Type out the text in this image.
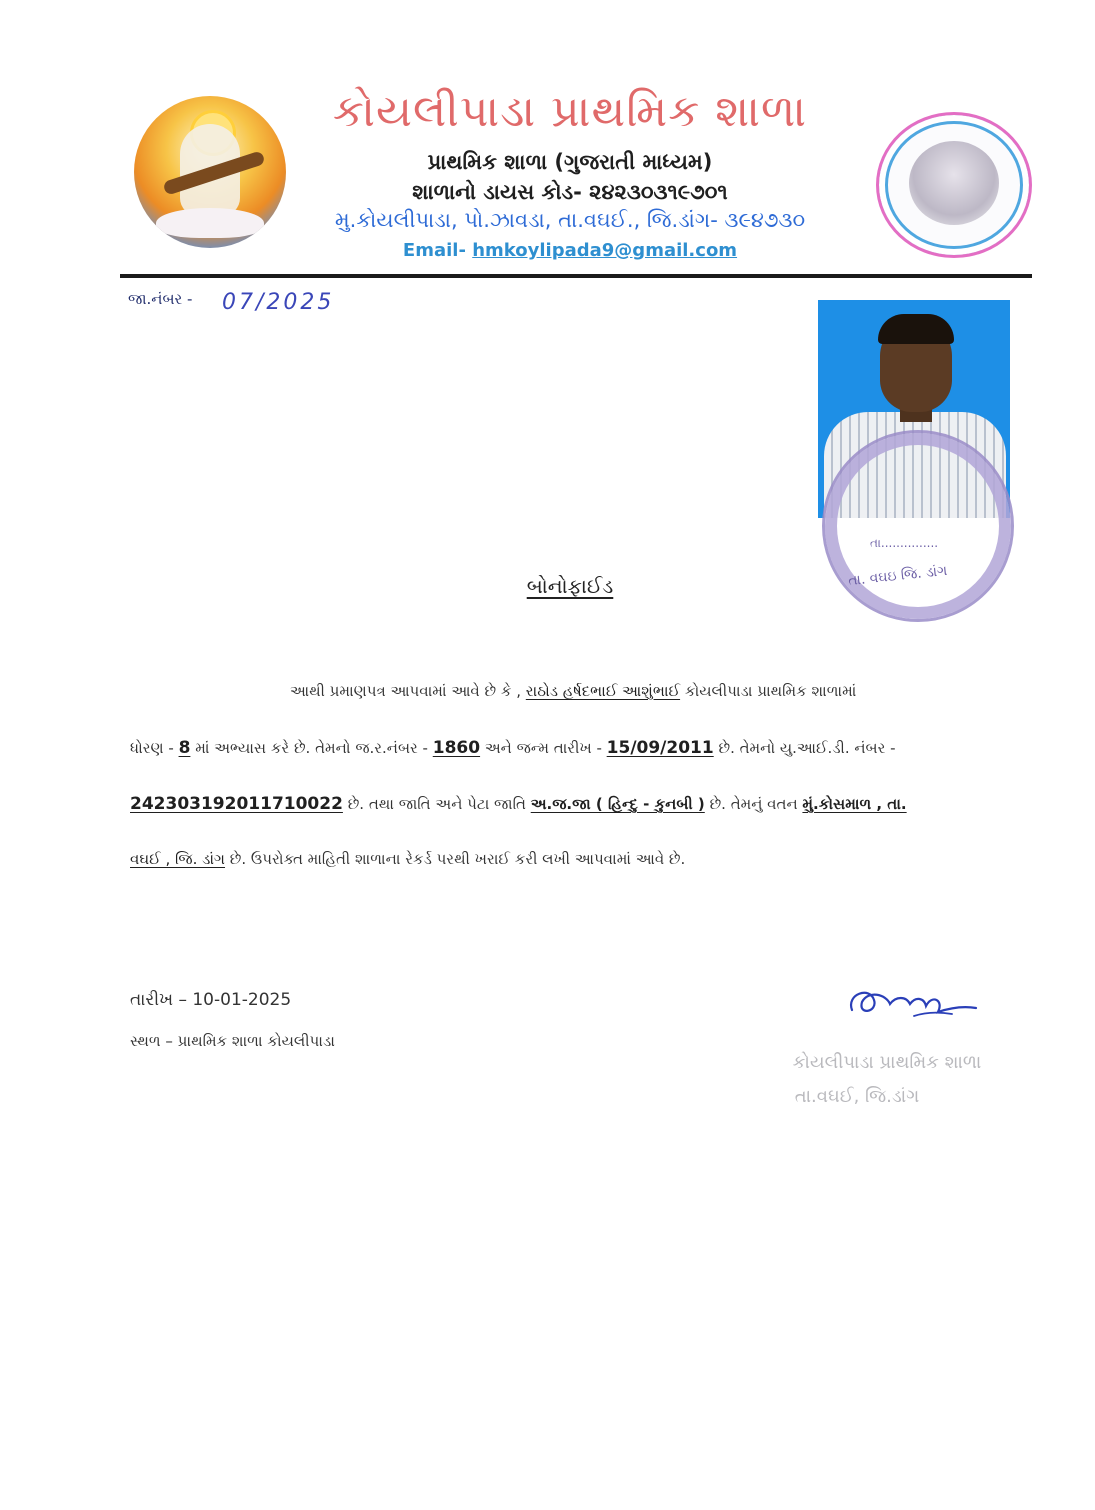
કોયલીપાડા પ્રાથમિક શાળા
પ્રાથમિક શાળા (ગુજરાતી માધ્યમ)
શાળાનો ડાયસ કોડ- ૨૪૨૩૦૩૧૯૭૦૧
મુ.કોયલીપાડા, પો.ઝાવડા, તા.વઘઈ., જિ.ડાંગ- ૩૯૪૭૩૦
Email- hmkoylipada9@gmail.com
જા.નંબર - 07/2025
તા...............
તા. વઘઇ જિ. ડાંગ
બોનોફાઈડ
આથી પ્રમાણપત્ર આપવામાં આવે છે કે , રાઠોડ હર્ષદભાઈ આશુંભાઈ કોયલીપાડા પ્રાથમિક શાળામાં
ધોરણ - 8 માં અભ્યાસ કરે છે. તેમનો જ.ર.નંબર - 1860 અને જન્મ તારીખ - 15/09/2011 છે. તેમનો યુ.આઈ.ડી. નંબર -
242303192011710022 છે. તથા જાતિ અને પેટા જાતિ અ.જ.જા ( હિન્દુ - કુનબી ) છે. તેમનું વતન મું.કોસમાળ , તા.
વઘઈ , જિ. ડાંગ છે. ઉપરોક્ત માહિતી શાળાના રેકર્ડ પરથી ખરાઈ કરી લખી આપવામાં આવે છે.
તારીખ – 10-01-2025
સ્થળ – પ્રાથમિક શાળા કોયલીપાડા
કોયલીપાડા પ્રાથમિક શાળા
તા.વઘઈ, જિ.ડાંગ
